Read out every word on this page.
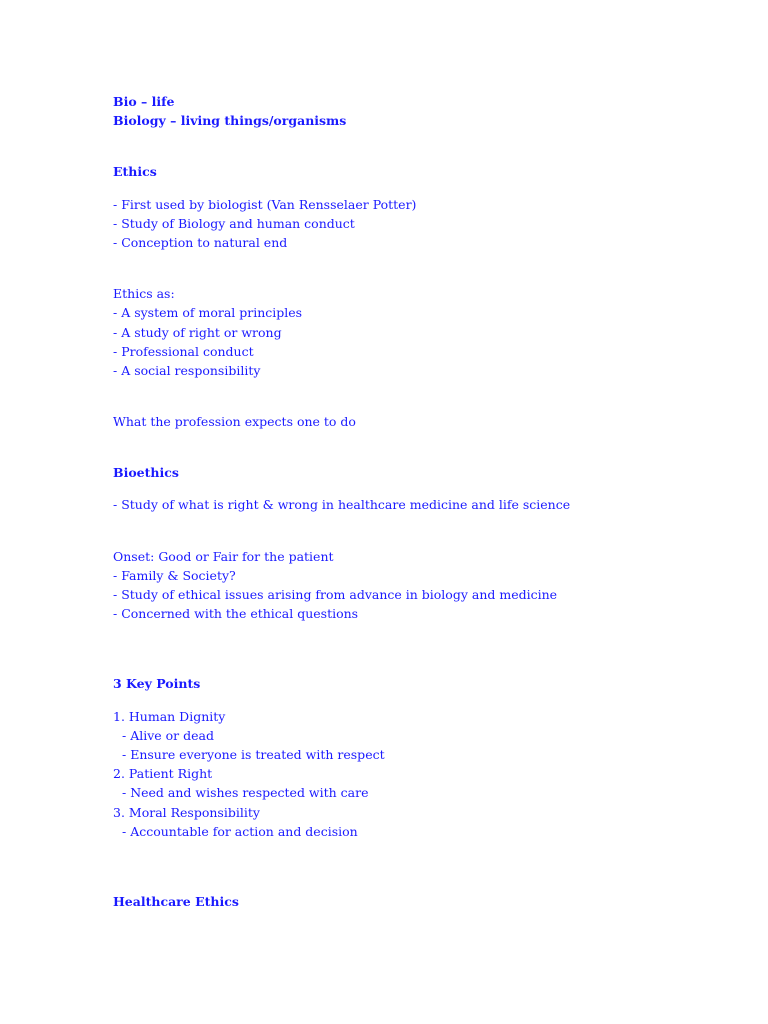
Bio – life
Biology – living things/organisms
Ethics
- First used by biologist (Van Rensselaer Potter)
- Study of Biology and human conduct
- Conception to natural end
Ethics as:
- A system of moral principles
- A study of right or wrong
- Professional conduct
- A social responsibility
What the profession expects one to do
Bioethics
- Study of what is right & wrong in healthcare medicine and life science
Onset: Good or Fair for the patient
- Family & Society?
- Study of ethical issues arising from advance in biology and medicine
- Concerned with the ethical questions
3 Key Points
1. Human Dignity
- Alive or dead
- Ensure everyone is treated with respect
2. Patient Right
- Need and wishes respected with care
3. Moral Responsibility
- Accountable for action and decision
Healthcare Ethics
